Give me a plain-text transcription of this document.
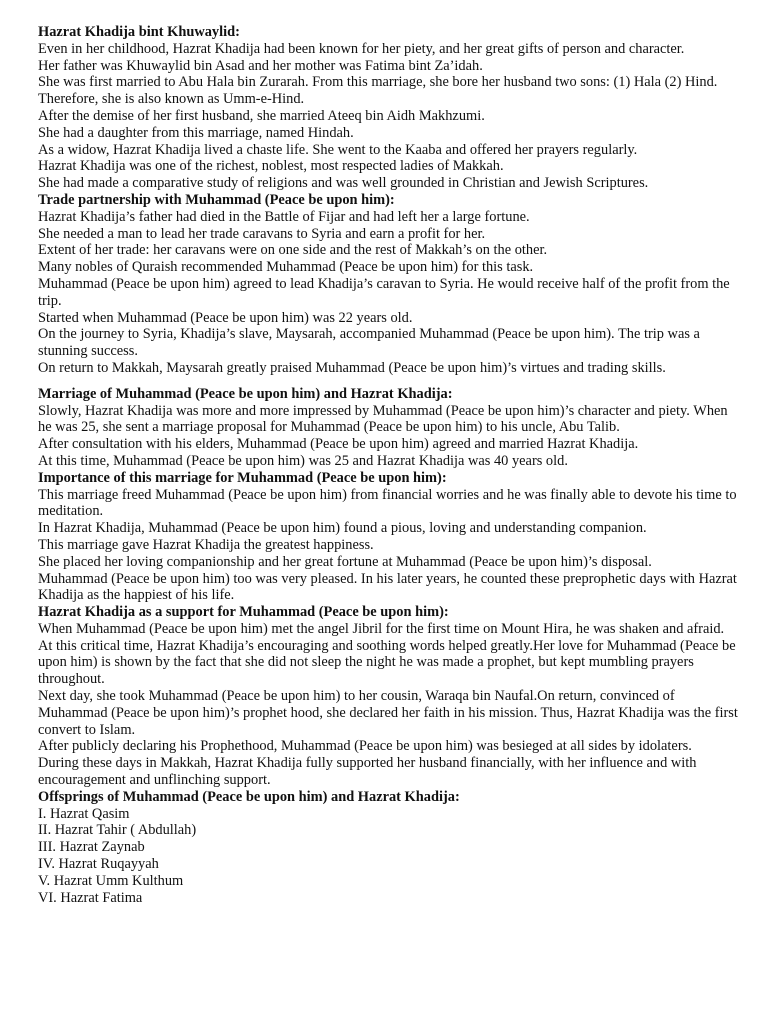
Hazrat Khadija bint Khuwaylid:

Even in her childhood, Hazrat Khadija had been known for her piety, and her great gifts of person and character.

Her father was Khuwaylid bin Asad and her mother was Fatima bint Za’idah.

She was first married to Abu Hala bin Zurarah. From this marriage, she bore her husband two sons: (1) Hala (2) Hind. Therefore, she is also known as Umm-e-Hind.

After the demise of her first husband, she married Ateeq bin Aidh Makhzumi.

She had a daughter from this marriage, named Hindah.

As a widow, Hazrat Khadija lived a chaste life. She went to the Kaaba and offered her prayers regularly.

Hazrat Khadija was one of the richest, noblest, most respected ladies of Makkah.

She had made a comparative study of religions and was well grounded in Christian and Jewish Scriptures.

Trade partnership with Muhammad (Peace be upon him):

Hazrat Khadija’s father had died in the Battle of Fijar and had left her a large fortune.

She needed a man to lead her trade caravans to Syria and earn a profit for her.

Extent of her trade: her caravans were on one side and the rest of Makkah’s on the other.

Many nobles of Quraish recommended Muhammad (Peace be upon him) for this task.

Muhammad (Peace be upon him) agreed to lead Khadija’s caravan to Syria. He would receive half of the profit from the trip.

Started when Muhammad (Peace be upon him) was 22 years old.

On the journey to Syria, Khadija’s slave, Maysarah, accompanied Muhammad (Peace be upon him). The trip was a stunning success.

On return to Makkah, Maysarah greatly praised Muhammad (Peace be upon him)’s virtues and trading skills.

Marriage of Muhammad (Peace be upon him) and Hazrat Khadija:

Slowly, Hazrat Khadija was more and more impressed by Muhammad (Peace be upon him)’s character and piety. When he was 25, she sent a marriage proposal for Muhammad (Peace be upon him) to his uncle, Abu Talib.

After consultation with his elders, Muhammad (Peace be upon him) agreed and married Hazrat Khadija.

At this time, Muhammad (Peace be upon him) was 25 and Hazrat Khadija was 40 years old.

Importance of this marriage for Muhammad (Peace be upon him):

This marriage freed Muhammad (Peace be upon him) from financial worries and he was finally able to devote his time to meditation.

In Hazrat Khadija, Muhammad (Peace be upon him) found a pious, loving and understanding companion.

This marriage gave Hazrat Khadija the greatest happiness.

She placed her loving companionship and her great fortune at Muhammad (Peace be upon him)’s disposal.

Muhammad (Peace be upon him) too was very pleased. In his later years, he counted these preprophetic days with Hazrat Khadija as the happiest of his life.

Hazrat Khadija as a support for Muhammad (Peace be upon him):

When Muhammad (Peace be upon him) met the angel Jibril for the first time on Mount Hira, he was shaken and afraid.

At this critical time, Hazrat Khadija’s encouraging and soothing words helped greatly.Her love for Muhammad (Peace be upon him) is shown by the fact that she did not sleep the night he was made a prophet, but kept mumbling prayers throughout.

Next day, she took Muhammad (Peace be upon him) to her cousin, Waraqa bin Naufal.On return, convinced of Muhammad (Peace be upon him)’s prophet hood, she declared her faith in his mission. Thus, Hazrat Khadija was the first convert to Islam.

After publicly declaring his Prophethood, Muhammad (Peace be upon him) was besieged at all sides by idolaters.

During these days in Makkah, Hazrat Khadija fully supported her husband financially, with her influence and with encouragement and unflinching support.

Offsprings of Muhammad (Peace be upon him) and Hazrat Khadija:
I. Hazrat Qasim
II. Hazrat Tahir ( Abdullah)
III. Hazrat Zaynab
IV. Hazrat Ruqayyah
V. Hazrat Umm Kulthum
VI. Hazrat Fatima
